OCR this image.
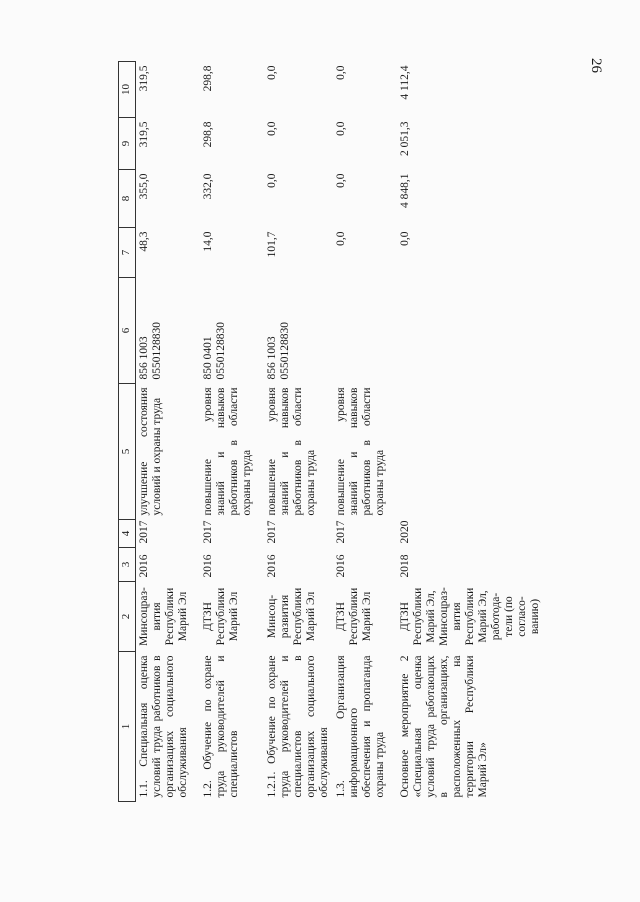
26
1	2	3	4	5	6	7	8	9	10
1.1. Специальная оценка условий труда работников в организациях социального обслуживания	Минсоцраз-вития Республики Марий Эл	2016	2017	улучшение состояния условий и охраны труда	856 1003 0550128830	48,3	355,0	319,5	319,5
1.2. Обучение по охране труда руководителей и специалистов	ДТЗН Республики Марий Эл	2016	2017	повышение уровня знаний и навыков работников в области охраны труда	850 0401 0550128830	14,0	332,0	298,8	298,8
1.2.1. Обучение по охране труда руководителей и специалистов в организациях социального обслуживания	Минсоц-развития Республики Марий Эл	2016	2017	повышение уровня знаний и навыков работников в области охраны труда	856 1003 0550128830	101,7	0,0	0,0	0,0
1.3. Организация информационного обеспечения и пропаганда охраны труда	ДТЗН Республики Марий Эл	2016	2017	повышение уровня знаний и навыков работников в области охраны труда		0,0	0,0	0,0	0,0
Основное мероприятие 2 «Специальная оценка условий труда работающих в организациях, расположенных на территории Республики Марий Эл»	ДТЗН Республики Марий Эл, Минсоцраз-вития Республики Марий Эл, работода-тели (по согласо-ванию)	2018	2020			0,0	4 848,1	2 051,3	4 112,4
